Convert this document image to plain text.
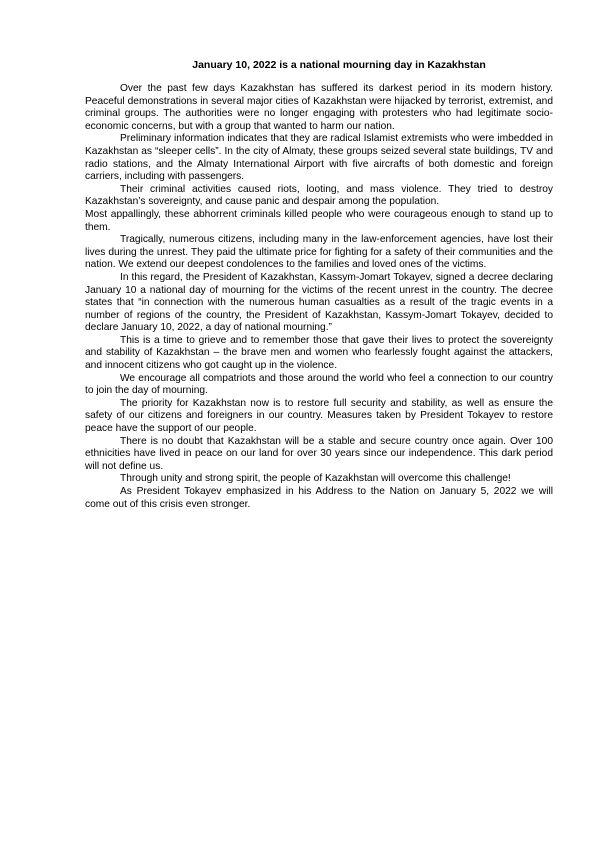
January 10, 2022 is a national mourning day in Kazakhstan

Over the past few days Kazakhstan has suffered its darkest period in its modern history. Peaceful demonstrations in several major cities of Kazakhstan were hijacked by terrorist, extremist, and criminal groups. The authorities were no longer engaging with protesters who had legitimate socio-economic concerns, but with a group that wanted to harm our nation.

Preliminary information indicates that they are radical Islamist extremists who were imbedded in Kazakhstan as “sleeper cells”. In the city of Almaty, these groups seized several state buildings, TV and radio stations, and the Almaty International Airport with five aircrafts of both domestic and foreign carriers, including with passengers.

Their criminal activities caused riots, looting, and mass violence. They tried to destroy Kazakhstan’s sovereignty, and cause panic and despair among the population.

Most appallingly, these abhorrent criminals killed people who were courageous enough to stand up to them.

Tragically, numerous citizens, including many in the law-enforcement agencies, have lost their lives during the unrest. They paid the ultimate price for fighting for a safety of their communities and the nation. We extend our deepest condolences to the families and loved ones of the victims.

In this regard, the President of Kazakhstan, Kassym-Jomart Tokayev, signed a decree declaring January 10 a national day of mourning for the victims of the recent unrest in the country. The decree states that “in connection with the numerous human casualties as a result of the tragic events in a number of regions of the country, the President of Kazakhstan, Kassym-Jomart Tokayev, decided to declare January 10, 2022, a day of national mourning.”

This is a time to grieve and to remember those that gave their lives to protect the sovereignty and stability of Kazakhstan – the brave men and women who fearlessly fought against the attackers, and innocent citizens who got caught up in the violence.

We encourage all compatriots and those around the world who feel a connection to our country to join the day of mourning.

The priority for Kazakhstan now is to restore full security and stability, as well as ensure the safety of our citizens and foreigners in our country. Measures taken by President Tokayev to restore peace have the support of our people.

There is no doubt that Kazakhstan will be a stable and secure country once again. Over 100 ethnicities have lived in peace on our land for over 30 years since our independence. This dark period will not define us.

Through unity and strong spirit, the people of Kazakhstan will overcome this challenge!

As President Tokayev emphasized in his Address to the Nation on January 5, 2022 we will come out of this crisis even stronger.
